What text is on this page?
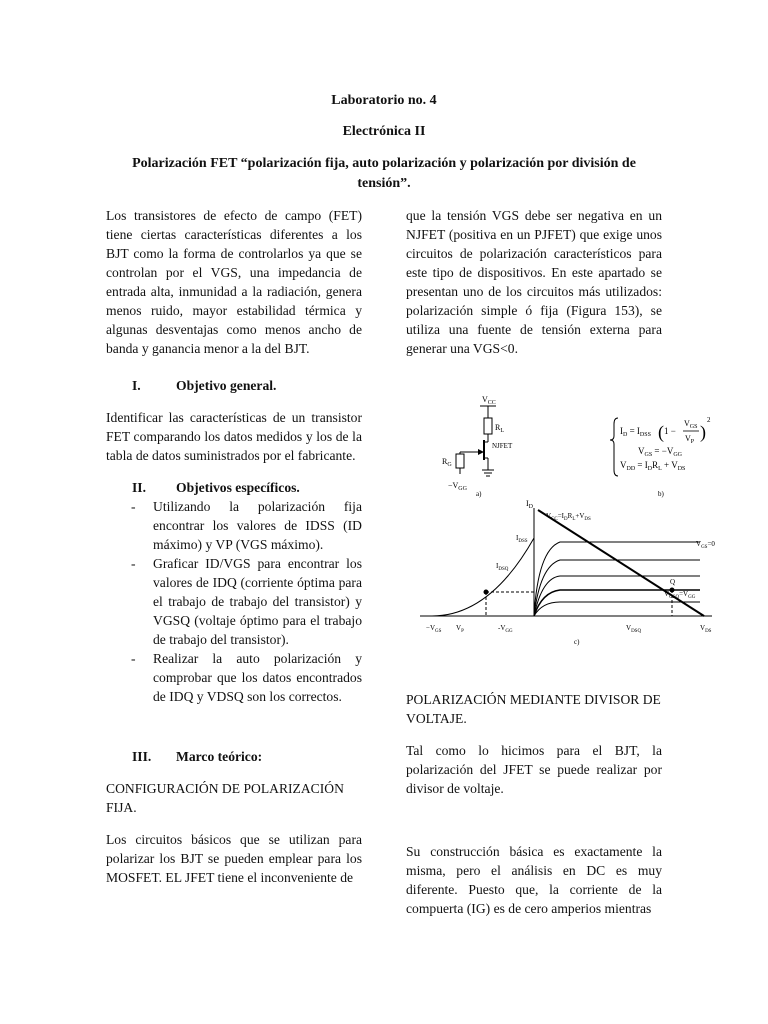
Laboratorio no. 4
Electrónica II
Polarización FET “polarización fija, auto polarización y polarización por división de tensión”.

Los transistores de efecto de campo (FET) tiene ciertas características diferentes a los BJT como la forma de controlarlos ya que se controlan por el VGS, una impedancia de entrada alta, inmunidad a la radiación, genera menos ruido, mayor estabilidad térmica y algunas desventajas como menos ancho de banda y ganancia menor a la del BJT.

I.	Objetivo general.

Identificar las características de un transistor FET comparando los datos medidos y los de la tabla de datos suministrados por el fabricante.

II.	Objetivos específicos.
- Utilizando la polarización fija encontrar los valores de IDSS (ID máximo) y VP (VGS máximo).
- Graficar ID/VGS para encontrar los valores de IDQ (corriente óptima para el trabajo de trabajo del transistor) y VGSQ (voltaje óptimo para el trabajo de trabajo del transistor).
- Realizar la auto polarización y comprobar que los datos encontrados de IDQ y VDSQ son los correctos.
III.	Marco teórico:

CONFIGURACIÓN DE POLARIZACIÓN FIJA.

Los circuitos básicos que se utilizan para polarizar los BJT se pueden emplear para los MOSFET. EL JFET tiene el inconveniente de

que la tensión VGS debe ser negativa en un NJFET (positiva en un PJFET) que exige unos circuitos de polarización característicos para este tipo de dispositivos. En este apartado se presentan uno de los circuitos más utilizados: polarización simple ó fija (Figura 153), se utiliza una fuente de tensión externa para generar una VGS<0.

POLARIZACIÓN MEDIANTE DIVISOR DE VOLTAJE.

Tal como lo hicimos para el BJT, la polarización del JFET se puede realizar por divisor de voltaje.

Su construcción básica es exactamente la misma, pero el análisis en DC es muy diferente. Puesto que, la corriente de la compuerta (IG) es de cero amperios mientras

$V_{CC}$
$R_L$
NJFET
$R_G$
$-V_{GG}$
a)
$I_D = I_{DSS}$ 1 −
$V_{GS}$
$V_P$
( )
2
$V_{GS} = -V_{GG}$
$V_{DD} = I_DR_L + V_{DS}$
b)
$I_D$
$V_{CC}=I_DR_L+V_{DS}$
$I_{DSS}$
$I_{DSQ}$
$V_{GS}=0$
Q
$V_{GSQ}=V_{GG}$
$-V_{GS}$ $V_P$	$-V_{GG}$	$V_{DSQ}$	$V_{DS}$
c)
